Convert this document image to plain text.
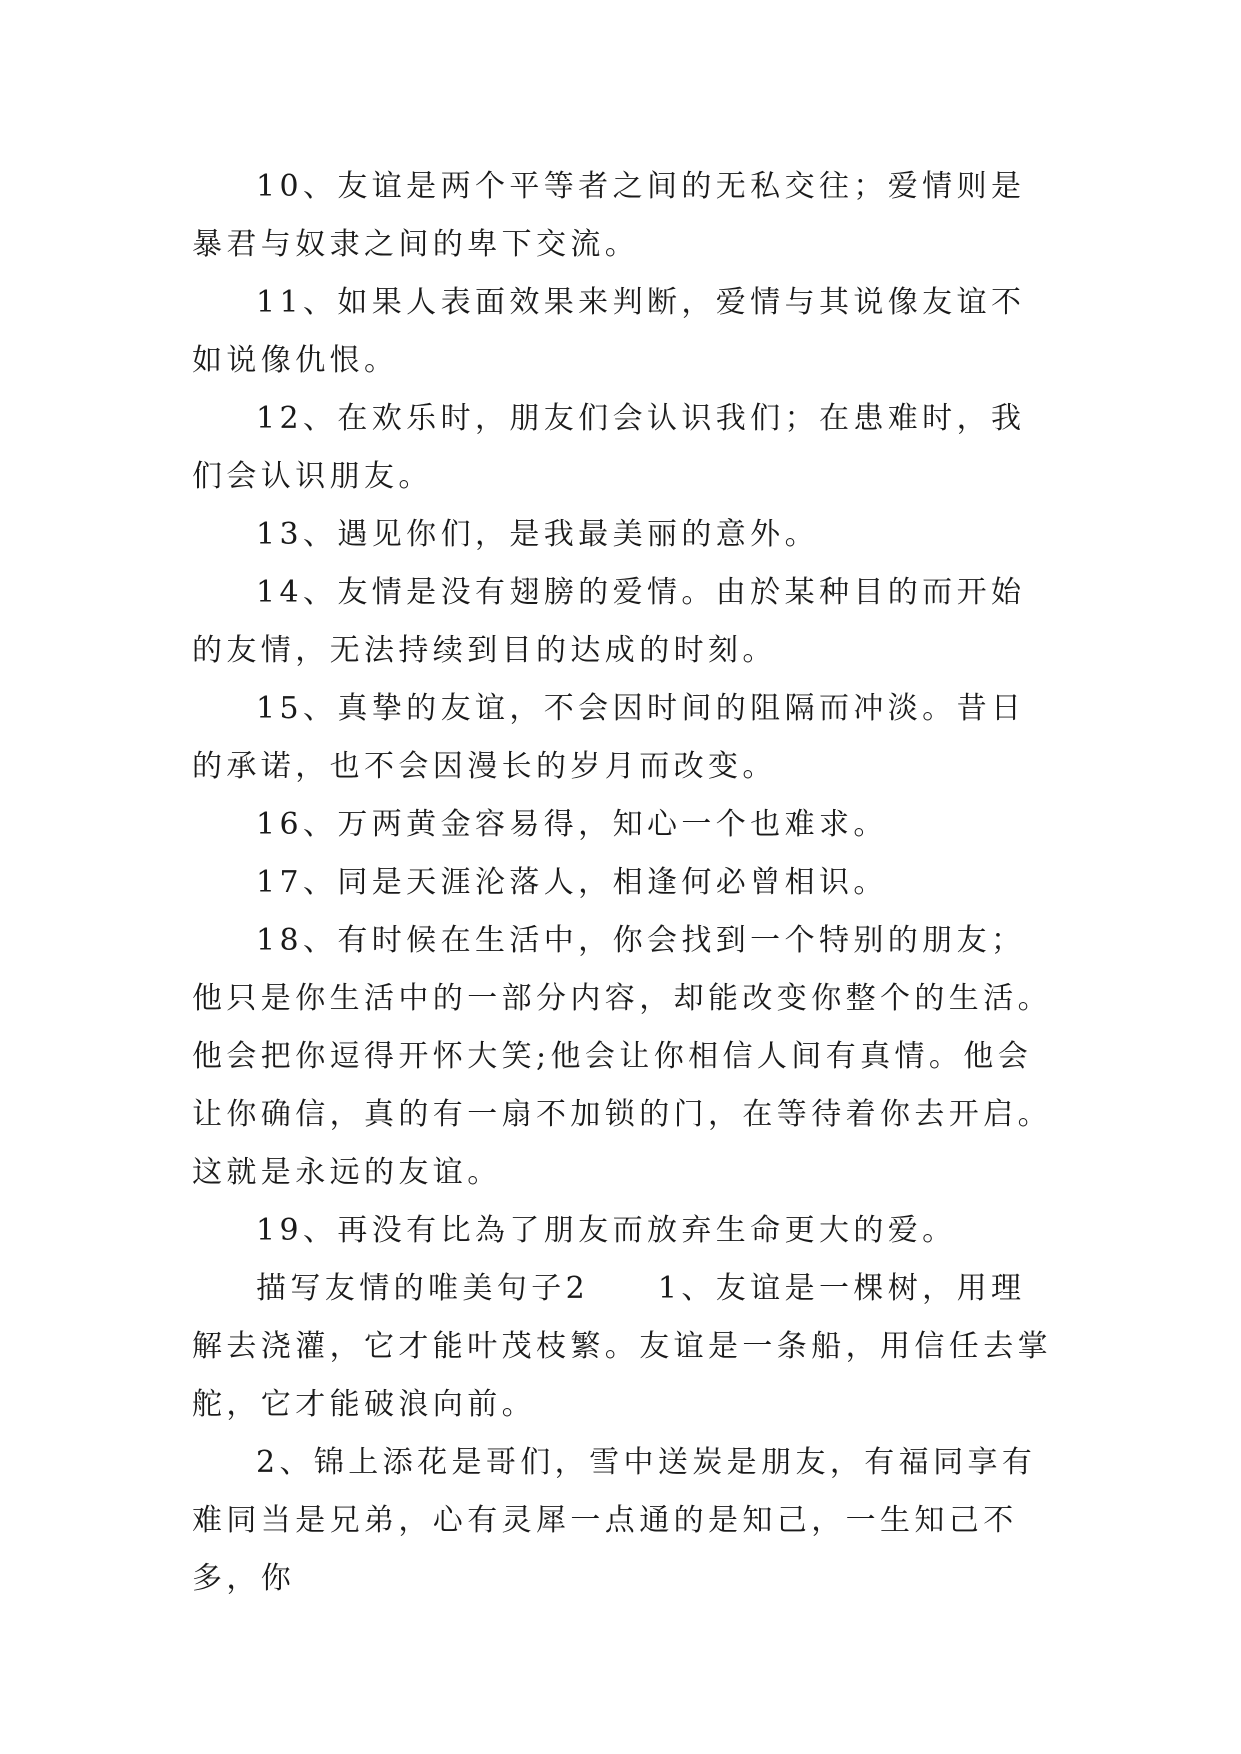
10、友谊是两个平等者之间的无私交往；爱情则是暴君与奴隶之间的卑下交流。

11、如果人表面效果来判断，爱情与其说像友谊不如说像仇恨。

12、在欢乐时，朋友们会认识我们；在患难时，我们会认识朋友。

13、遇见你们，是我最美丽的意外。

14、友情是没有翅膀的爱情。由於某种目的而开始的友情，无法持续到目的达成的时刻。

15、真挚的友谊，不会因时间的阻隔而冲淡。昔日的承诺，也不会因漫长的岁月而改变。

16、万两黄金容易得，知心一个也难求。

17、同是天涯沦落人，相逢何必曾相识。

18、有时候在生活中，你会找到一个特别的朋友；他只是你生活中的一部分内容，却能改变你整个的生活。他会把你逗得开怀大笑;他会让你相信人间有真情。他会让你确信，真的有一扇不加锁的门，在等待着你去开启。这就是永远的友谊。

19、再没有比為了朋友而放弃生命更大的爱。

描写友情的唯美句子2　　1、友谊是一棵树，用理解去浇灌，它才能叶茂枝繁。友谊是一条船，用信任去掌舵，它才能破浪向前。

2、锦上添花是哥们，雪中送炭是朋友，有福同享有难同当是兄弟，心有灵犀一点通的是知己，一生知己不多，你
